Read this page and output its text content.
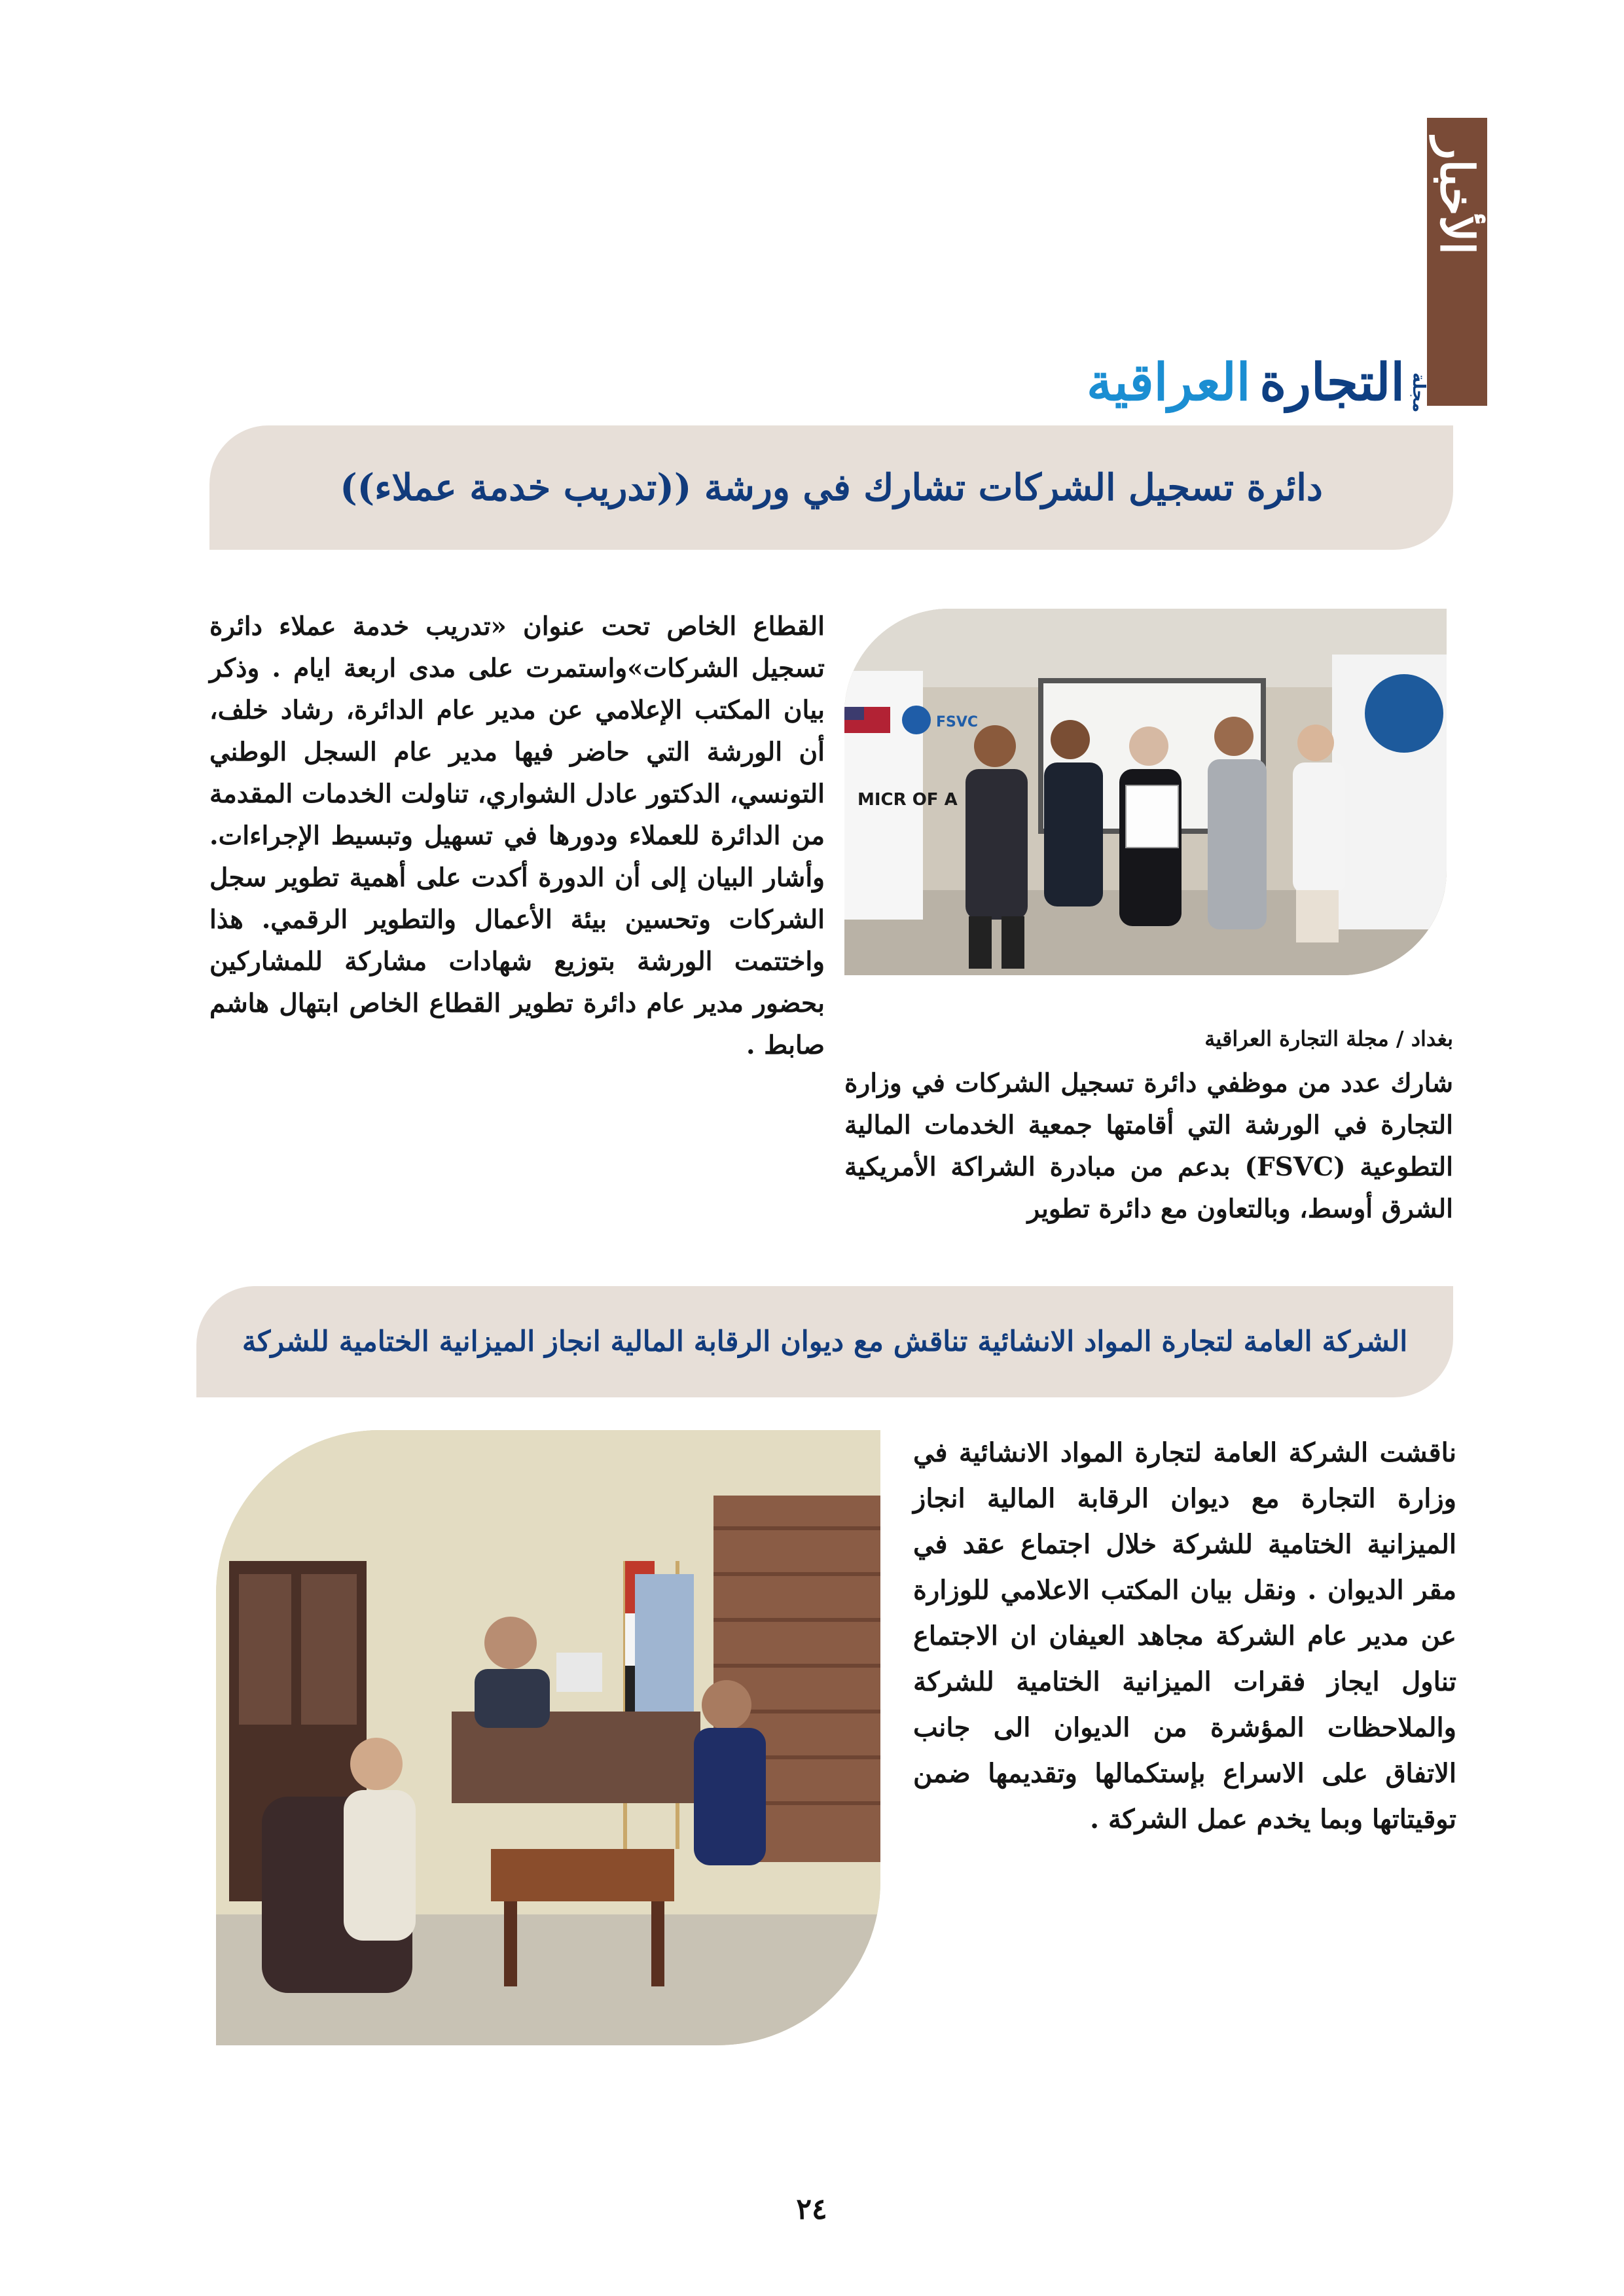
الأخبار
مجلة
التجارة
العراقية
دائرة تسجيل الشركات تشارك في ورشة ((تدريب خدمة عملاء))
FSVC
MICR OF A
بغداد / مجلة التجارة العراقية
شارك عدد من موظفي دائرة تسجيل الشركات في وزارة التجارة في الورشة التي أقامتها جمعية الخدمات المالية التطوعية (FSVC) بدعم من مبادرة الشراكة الأمريكية الشرق أوسط، وبالتعاون مع دائرة تطوير
القطاع الخاص تحت عنوان «تدريب خدمة عملاء دائرة تسجيل الشركات»واستمرت على مدى اربعة ايام . وذكر بيان المكتب الإعلامي عن مدير عام الدائرة، رشاد خلف، أن الورشة التي حاضر فيها مدير عام السجل الوطني التونسي، الدكتور عادل الشواري، تناولت الخدمات المقدمة من الدائرة للعملاء ودورها في تسهيل وتبسيط الإجراءات. وأشار البيان إلى أن الدورة أكدت على أهمية تطوير سجل الشركات وتحسين بيئة الأعمال والتطوير الرقمي. هذا واختتمت الورشة بتوزيع شهادات مشاركة للمشاركين بحضور مدير عام دائرة تطوير القطاع الخاص ابتهال هاشم صابط .
الشركة العامة لتجارة المواد الانشائية تناقش مع ديوان الرقابة المالية انجاز الميزانية الختامية للشركة
ناقشت الشركة العامة لتجارة المواد الانشائية في وزارة التجارة مع ديوان الرقابة المالية انجاز الميزانية الختامية للشركة خلال اجتماع عقد في مقر الديوان . ونقل بيان المكتب الاعلامي للوزارة عن مدير عام الشركة مجاهد العيفان ان الاجتماع تناول ايجاز فقرات الميزانية الختامية للشركة والملاحظات المؤشرة من الديوان الى جانب الاتفاق على الاسراع بإستكمالها وتقديمها ضمن توقيتاتها وبما يخدم عمل الشركة .
٢٤
